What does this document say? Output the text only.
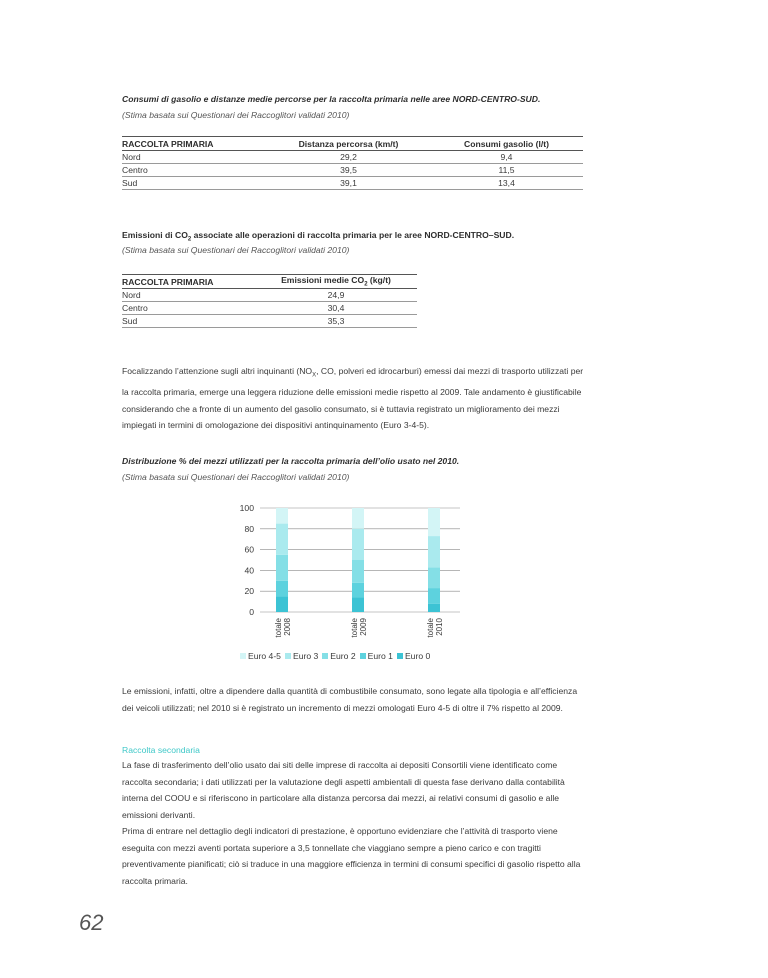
Consumi di gasolio e distanze medie percorse per la raccolta primaria nelle aree NORD-CENTRO-SUD.
(Stima basata sui Questionari dei Raccoglitori validati 2010)
RACCOLTA PRIMARIA	Distanza percorsa (km/t)	Consumi gasolio (l/t)
Nord	29,2	9,4
Centro	39,5	11,5
Sud	39,1	13,4
Emissioni di $CO_2$ associate alle operazioni di raccolta primaria per le aree NORD-CENTRO–SUD.
(Stima basata sui Questionari dei Raccoglitori validati 2010)
RACCOLTA PRIMARIA	Emissioni medie $CO_2$ (kg/t)
Nord	24,9
Centro	30,4
Sud	35,3
Focalizzando l’attenzione sugli altri inquinanti ($NO_X$, CO, polveri ed idrocarburi) emessi dai mezzi di trasporto utilizzati per la raccolta primaria, emerge una leggera riduzione delle emissioni medie rispetto al 2009. Tale andamento è giustificabile considerando che a fronte di un aumento del gasolio consumato, si è tuttavia registrato un miglioramento dei mezzi impiegati in termini di omologazione dei dispositivi antinquinamento (Euro 3-4-5).
Distribuzione % dei mezzi utilizzati per la raccolta primaria dell’olio usato nel 2010.
(Stima basata sui Questionari dei Raccoglitori validati 2010)
0
20
40
60
80
100
totale2008	totale2009	totale2010
Euro 4-5 Euro 3 Euro 2 Euro 1 Euro 0
Le emissioni, infatti, oltre a dipendere dalla quantità di combustibile consumato, sono legate alla tipologia e all’efficienza dei veicoli utilizzati; nel 2010 si è registrato un incremento di mezzi omologati Euro 4-5 di oltre il 7% rispetto al 2009.
Raccolta secondaria

La fase di trasferimento dell’olio usato dai siti delle imprese di raccolta ai depositi Consortili viene identificato come raccolta secondaria; i dati utilizzati per la valutazione degli aspetti ambientali di questa fase derivano dalla contabilità interna del COOU e si riferiscono in particolare alla distanza percorsa dai mezzi, ai relativi consumi di gasolio e alle emissioni derivanti.

Prima di entrare nel dettaglio degli indicatori di prestazione, è opportuno evidenziare che l’attività di trasporto viene eseguita con mezzi aventi portata superiore a 3,5 tonnellate che viaggiano sempre a pieno carico e con tragitti preventivamente pianificati; ciò si traduce in una maggiore efficienza in termini di consumi specifici di gasolio rispetto alla raccolta primaria.

62
